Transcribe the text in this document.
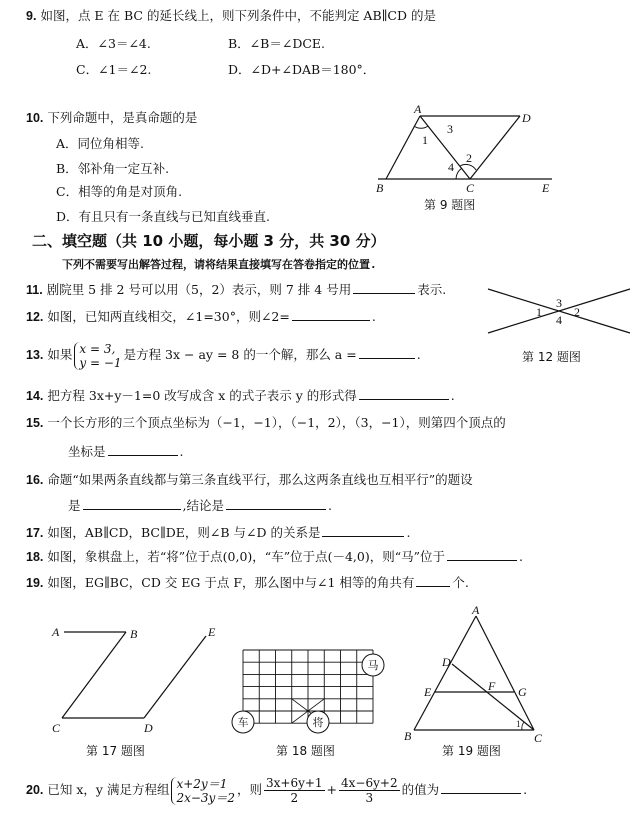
9. 如图，点 E 在 BC 的延长线上，则下列条件中，不能判定 AB∥CD 的是
A．∠3＝∠4.	B．∠B＝∠DCE.
C．∠1＝∠2.	D．∠D+∠DAB＝180°．
A
D
B	C	E
1
2
3
4
第 9 题图
10. 下列命题中，是真命题的是
A．同位角相等.
B．邻补角一定互补.
C．相等的角是对顶角.
D．有且只有一条直线与已知直线垂直.
二、填空题（共 10 小题，每小题 3 分，共 30 分）
下列不需要写出解答过程，请将结果直接填写在答卷指定的位置.
11. 剧院里 5 排 2 号可以用（5，2）表示，则 7 排 4 号用	表示.
12. 如图，已知两直线相交，∠1=30°，则∠2=	.	1	2
3
4
第 12 题图
13. 如果 x = 3,
y = −1
是方程 3x − ay = 8 的一个解，那么 a =	.
14. 把方程 3x+y－1=0 改写成含 x 的式子表示 y 的形式得	.
15. 一个长方形的三个顶点坐标为（−1，−1），（−1，2），（3，−1），则第四个顶点的
坐标是	.
16. 命题“如果两条直线都与第三条直线平行，那么这两条直线也互相平行”的题设
是	,结论是	.
17. 如图，AB∥CD，BC∥DE，则∠B 与∠D 的关系是	.
18. 如图，象棋盘上，若“将”位于点(0,0)，“车”位于点(－4,0)，则“马”位于	.
19. 如图，EG∥BC，CD 交 EG 于点 F，那么图中与∠1 相等的角共有	个.
A	B
C	D
E
第 17 题图
马
车	将
第 18 题图
A
B	C
D
E	F G
1
第 19 题图
20. 已知 x，y 满足方程组 x+2y＝1
2x−3y＝2
，则 $\frac{3x+6y+1}{2} + \frac{4x-6y+2}{3}$ 的值为	.
